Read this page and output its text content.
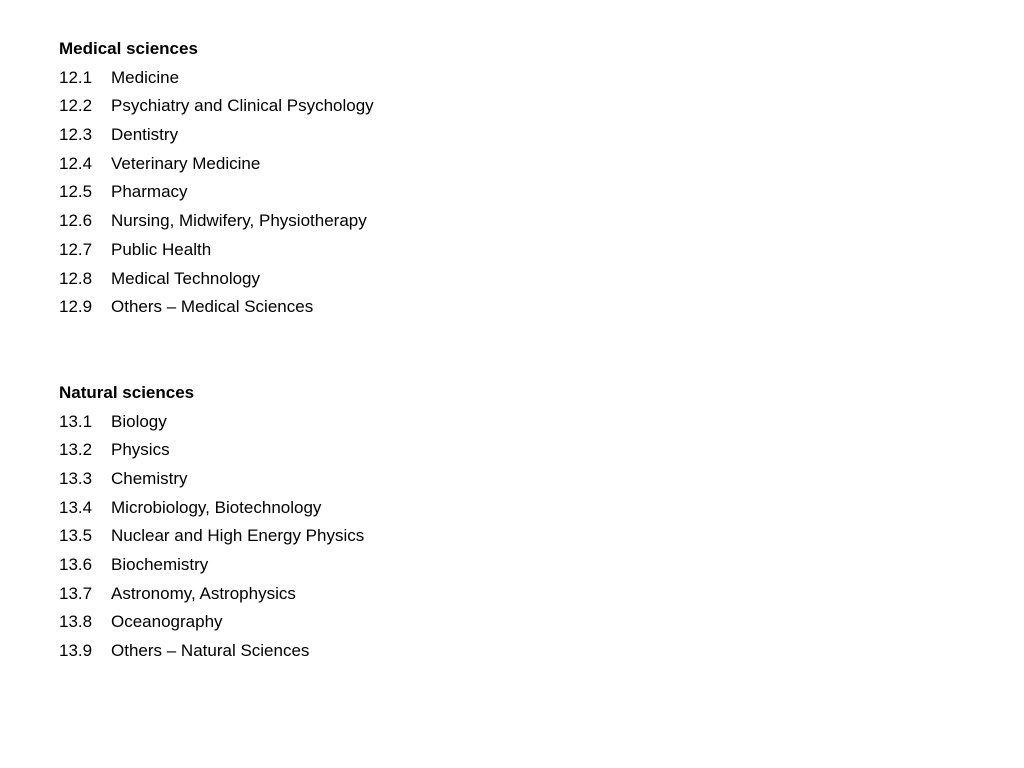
Medical sciences
12.1 Medicine
12.2 Psychiatry and Clinical Psychology
12.3 Dentistry
12.4 Veterinary Medicine
12.5 Pharmacy
12.6 Nursing, Midwifery, Physiotherapy
12.7 Public Health
12.8 Medical Technology
12.9 Others – Medical Sciences
Natural sciences
13.1 Biology
13.2 Physics
13.3 Chemistry
13.4 Microbiology, Biotechnology
13.5 Nuclear and High Energy Physics
13.6 Biochemistry
13.7 Astronomy, Astrophysics
13.8 Oceanography
13.9 Others – Natural Sciences
